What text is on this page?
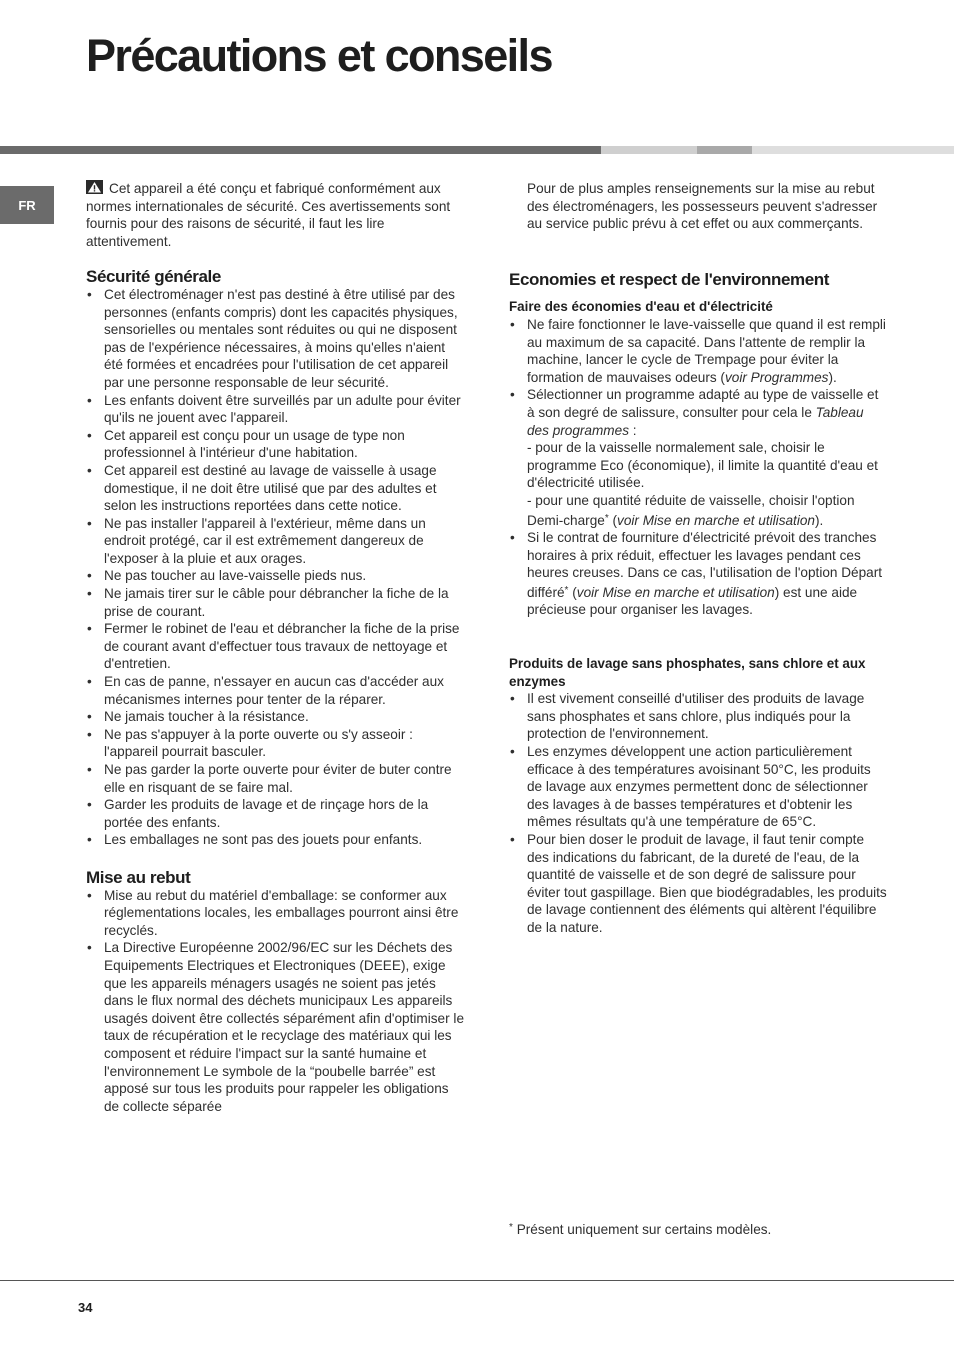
Précautions et conseils
FR

Cet appareil a été conçu et fabriqué conformément aux normes internationales de sécurité. Ces avertissements sont fournis pour des raisons de sécurité, il faut les lire attentivement.

Sécurité générale
• Cet électroménager n'est pas destiné à être utilisé par des personnes (enfants compris) dont les capacités physiques, sensorielles ou mentales sont réduites ou qui ne disposent pas de l'expérience nécessaires, à moins qu'elles n'aient été formées et encadrées pour l'utilisation de cet appareil par une personne responsable de leur sécurité.
• Les enfants doivent être surveillés par un adulte pour éviter qu'ils ne jouent avec l'appareil.
• Cet appareil est conçu pour un usage de type non professionnel à l'intérieur d'une habitation.
• Cet appareil est destiné au lavage de vaisselle à usage domestique, il ne doit être utilisé que par des adultes et selon les instructions reportées dans cette notice.
• Ne pas installer l'appareil à l'extérieur, même dans un endroit protégé, car il est extrêmement dangereux de l'exposer à la pluie et aux orages.
• Ne pas toucher au lave-vaisselle pieds nus.
• Ne jamais tirer sur le câble pour débrancher la fiche de la prise de courant.
• Fermer le robinet de l'eau et débrancher la fiche de la prise de courant avant d'effectuer tous travaux de nettoyage et d'entretien.
• En cas de panne, n'essayer en aucun cas d'accéder aux mécanismes internes pour tenter de la réparer.
• Ne jamais toucher à la résistance.
• Ne pas s'appuyer à la porte ouverte ou s'y asseoir : l'appareil pourrait basculer.
• Ne pas garder la porte ouverte pour éviter de buter contre elle en risquant de se faire mal.
• Garder les produits de lavage et de rinçage hors de la portée des enfants.
• Les emballages ne sont pas des jouets pour enfants.
Mise au rebut
• Mise au rebut du matériel d'emballage: se conformer aux réglementations locales, les emballages pourront ainsi être recyclés.
• La Directive Européenne 2002/96/EC sur les Déchets des Equipements Electriques et Electroniques (DEEE), exige que les appareils ménagers usagés ne soient pas jetés dans le flux normal des déchets municipaux Les appareils usagés doivent être collectés séparément afin d'optimiser le taux de récupération et le recyclage des matériaux qui les composent et réduire l'impact sur la santé humaine et l'environnement Le symbole de la “poubelle barrée” est apposé sur tous les produits pour rappeler les obligations de collecte séparée

Pour de plus amples renseignements sur la mise au rebut des électroménagers, les possesseurs peuvent s'adresser au service public prévu à cet effet ou aux commerçants.

Economies et respect de l'environnement
Faire des économies d'eau et d'électricité
• Ne faire fonctionner le lave-vaisselle que quand il est rempli au maximum de sa capacité. Dans l'attente de remplir la machine, lancer le cycle de Trempage pour éviter la formation de mauvaises odeurs (voir Programmes).
• Sélectionner un programme adapté au type de vaisselle et à son degré de salissure, consulter pour cela le Tableau des programmes :
- pour de la vaisselle normalement sale, choisir le programme Eco (économique), il limite la quantité d'eau et d'électricité utilisée.
- pour une quantité réduite de vaisselle, choisir l'option Demi-charge* (voir Mise en marche et utilisation).
• Si le contrat de fourniture d'électricité prévoit des tranches horaires à prix réduit, effectuer les lavages pendant ces heures creuses. Dans ce cas, l'utilisation de l'option Départ différé* (voir Mise en marche et utilisation) est une aide précieuse pour organiser les lavages.
Produits de lavage sans phosphates, sans chlore et aux enzymes
• Il est vivement conseillé d'utiliser des produits de lavage sans phosphates et sans chlore, plus indiqués pour la protection de l'environnement.
• Les enzymes développent une action particulièrement efficace à des températures avoisinant 50°C, les produits de lavage aux enzymes permettent donc de sélectionner des lavages à de basses températures et d'obtenir les mêmes résultats qu'à une température de 65°C.
• Pour bien doser le produit de lavage, il faut tenir compte des indications du fabricant, de la dureté de l'eau, de la quantité de vaisselle et de son degré de salissure pour éviter tout gaspillage. Bien que biodégradables, les produits de lavage contiennent des éléments qui altèrent l'équilibre de la nature.
* Présent uniquement sur certains modèles.
34
